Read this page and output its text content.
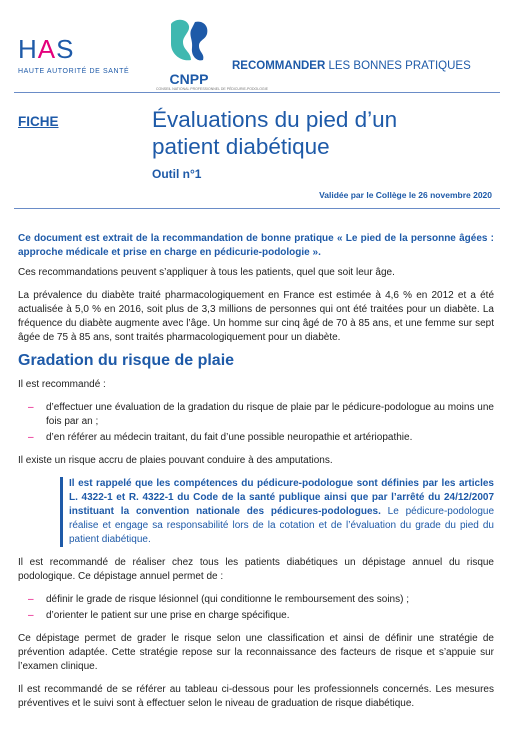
HAS
HAUTE AUTORITÉ DE SANTÉ	CNPP
CONSEIL NATIONAL PROFESSIONNEL DE PÉDICURIE-PODOLOGIE
RECOMMANDER LES BONNES PRATIQUES
FICHE	Évaluations du pied d’un patient diabétique
Outil n°1
Validée par le Collège le 26 novembre 2020

Ce document est extrait de la recommandation de bonne pratique « Le pied de la personne âgées : approche médicale et prise en charge en pédicurie-podologie ».

Ces recommandations peuvent s’appliquer à tous les patients, quel que soit leur âge.

La prévalence du diabète traité pharmacologiquement en France est estimée à 4,6 % en 2012 et a été actualisée à 5,0 % en 2016, soit plus de 3,3 millions de personnes qui ont été traitées pour un diabète. La fréquence du diabète augmente avec l’âge. Un homme sur cinq âgé de 70 à 85 ans, et une femme sur sept âgée de 75 à 85 ans, sont traités pharmacologiquement pour un diabète.

Gradation du risque de plaie

Il est recommandé :

– d’effectuer une évaluation de la gradation du risque de plaie par le pédicure-podologue au moins une fois par an ;
– d’en référer au médecin traitant, du fait d’une possible neuropathie et artériopathie.

Il existe un risque accru de plaies pouvant conduire à des amputations.

Il est rappelé que les compétences du pédicure-podologue sont définies par les articles L. 4322-1 et R. 4322-1 du Code de la santé publique ainsi que par l’arrêté du 24/12/2007 instituant la convention nationale des pédicures-podologues. Le pédicure-podologue réalise et engage sa responsabilité lors de la cotation et de l’évaluation du grade du pied du patient diabétique.

Il est recommandé de réaliser chez tous les patients diabétiques un dépistage annuel du risque podologique. Ce dépistage annuel permet de :

– définir le grade de risque lésionnel (qui conditionne le remboursement des soins) ;
– d’orienter le patient sur une prise en charge spécifique.

Ce dépistage permet de grader le risque selon une classification et ainsi de définir une stratégie de prévention adaptée. Cette stratégie repose sur la reconnaissance des facteurs de risque et s’appuie sur l’examen clinique.

Il est recommandé de se référer au tableau ci-dessous pour les professionnels concernés. Les mesures préventives et le suivi sont à effectuer selon le niveau de graduation de risque diabétique.
